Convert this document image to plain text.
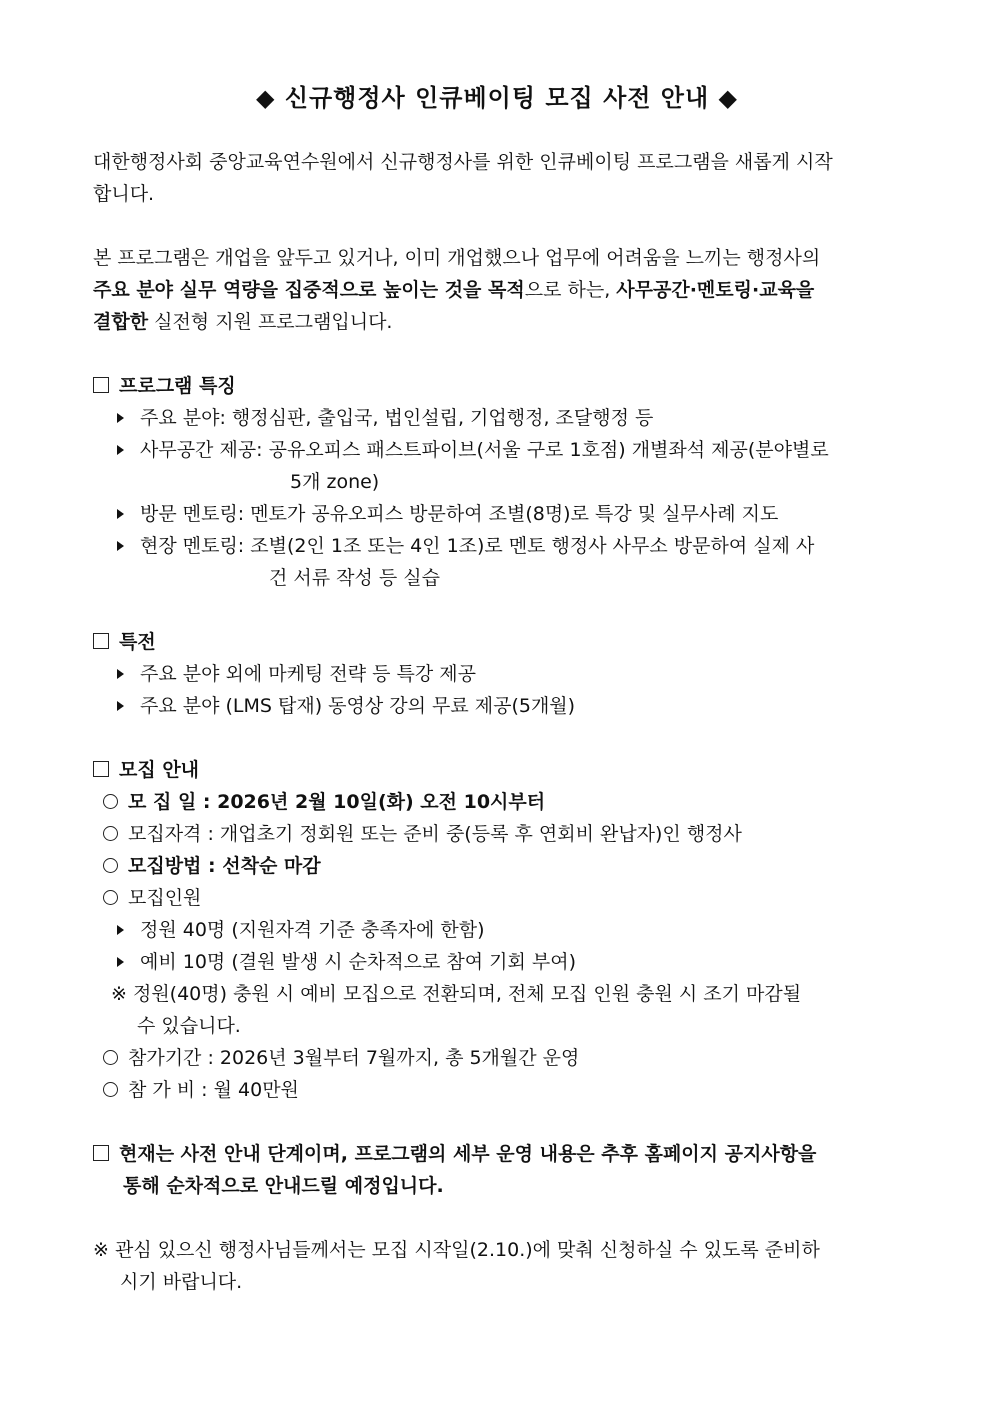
◆ 신규행정사 인큐베이팅 모집 사전 안내 ◆
대한행정사회 중앙교육연수원에서 신규행정사를 위한 인큐베이팅 프로그램을 새롭게 시작
합니다.
본 프로그램은 개업을 앞두고 있거나, 이미 개업했으나 업무에 어려움을 느끼는 행정사의
주요 분야 실무 역량을 집중적으로 높이는 것을 목적으로 하는, 사무공간·멘토링·교육을
결합한 실전형 지원 프로그램입니다.
프로그램 특징
주요 분야: 행정심판, 출입국, 법인설립, 기업행정, 조달행정 등
사무공간 제공: 공유오피스 패스트파이브(서울 구로 1호점) 개별좌석 제공(분야별로
5개 zone)
방문 멘토링: 멘토가 공유오피스 방문하여 조별(8명)로 특강 및 실무사례 지도
현장 멘토링: 조별(2인 1조 또는 4인 1조)로 멘토 행정사 사무소 방문하여 실제 사
건 서류 작성 등 실습
특전
주요 분야 외에 마케팅 전략 등 특강 제공
주요 분야 (LMS 탑재) 동영상 강의 무료 제공(5개월)
모집 안내
모 집 일 : 2026년 2월 10일(화) 오전 10시부터
모집자격 : 개업초기 정회원 또는 준비 중(등록 후 연회비 완납자)인 행정사
모집방법 : 선착순 마감
모집인원
정원 40명 (지원자격 기준 충족자에 한함)
예비 10명 (결원 발생 시 순차적으로 참여 기회 부여)
※ 정원(40명) 충원 시 예비 모집으로 전환되며, 전체 모집 인원 충원 시 조기 마감될
수 있습니다.
참가기간 : 2026년 3월부터 7월까지, 총 5개월간 운영
참 가 비 : 월 40만원
현재는 사전 안내 단계이며, 프로그램의 세부 운영 내용은 추후 홈페이지 공지사항을
통해 순차적으로 안내드릴 예정입니다.
※ 관심 있으신 행정사님들께서는 모집 시작일(2.10.)에 맞춰 신청하실 수 있도록 준비하
시기 바랍니다.
